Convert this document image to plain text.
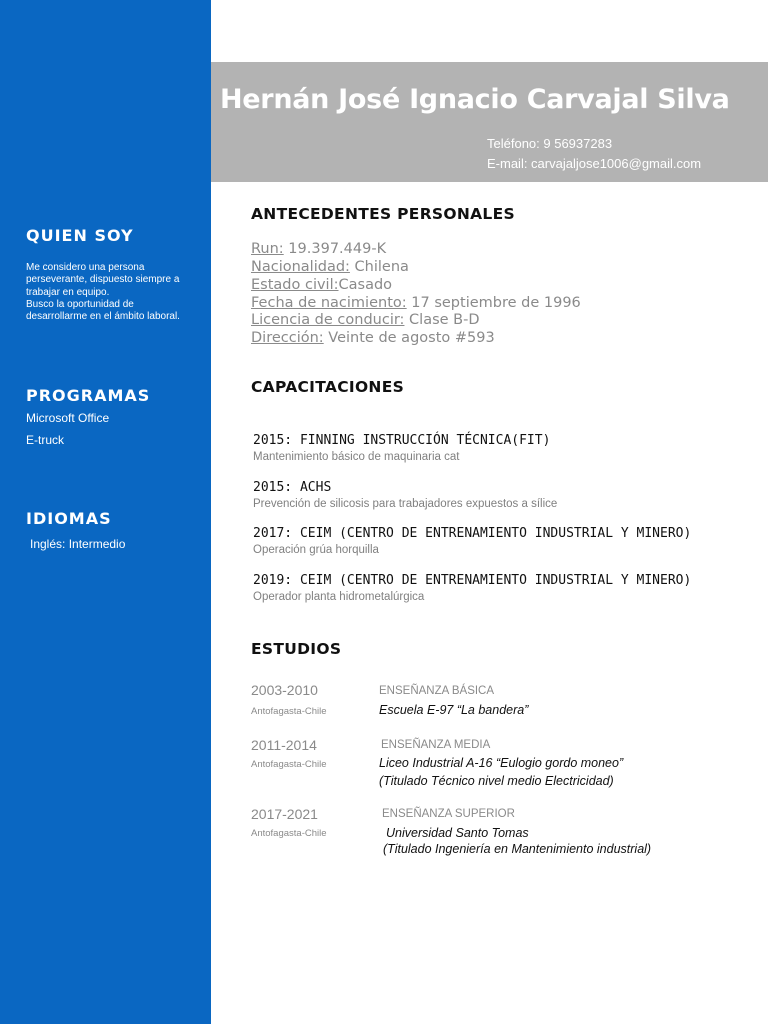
Hernán José Ignacio Carvajal Silva
Teléfono: 9 56937283
E-mail: carvajaljose1006@gmail.com
QUIEN SOY
Me considero una persona perseverante, dispuesto siempre a trabajar en equipo.
Busco la oportunidad de desarrollarme en el ámbito laboral.
PROGRAMAS
Microsoft Office
E-truck
IDIOMAS
Inglés: Intermedio
ANTECEDENTES PERSONALES
Run: 19.397.449-K
Nacionalidad: Chilena
Estado civil:Casado
Fecha de nacimiento: 17 septiembre de 1996
Licencia de conducir: Clase B-D
Dirección: Veinte de agosto #593
CAPACITACIONES
2015: FINNING INSTRUCCIÓN TÉCNICA(FIT)
Mantenimiento básico de maquinaria cat
2015: ACHS
Prevención de silicosis para trabajadores expuestos a sílice
2017: CEIM (CENTRO DE ENTRENAMIENTO INDUSTRIAL Y MINERO)
Operación grúa horquilla
2019: CEIM (CENTRO DE ENTRENAMIENTO INDUSTRIAL Y MINERO)
Operador planta hidrometalúrgica
ESTUDIOS
2003-2010	ENSEÑANZA BÁSICA
Antofagasta-Chile	Escuela E-97 “La bandera”
2011-2014	ENSEÑANZA MEDIA
Antofagasta-Chile	Liceo Industrial A-16 “Eulogio gordo moneo”
(Titulado Técnico nivel medio Electricidad)
2017-2021	ENSEÑANZA SUPERIOR
Antofagasta-Chile	Universidad Santo Tomas
(Titulado Ingeniería en Mantenimiento industrial)
